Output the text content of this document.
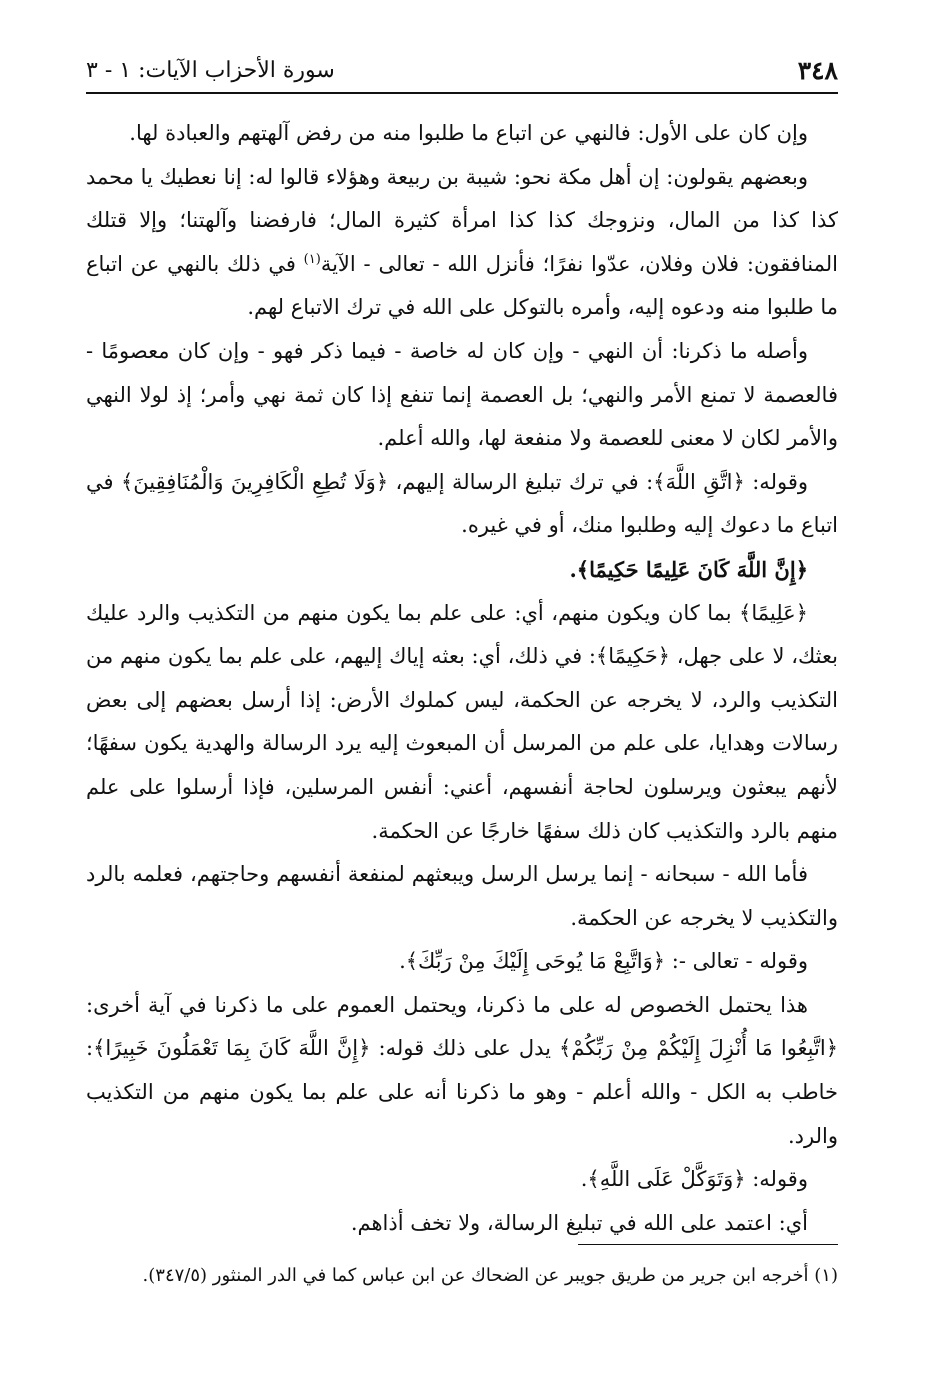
٣٤٨
سورة الأحزاب الآيات: ١ - ٣

وإن كان على الأول: فالنهي عن اتباع ما طلبوا منه من رفض آلهتهم والعبادة لها.

وبعضهم يقولون: إن أهل مكة نحو: شيبة بن ربيعة وهؤلاء قالوا له: إنا نعطيك يا محمد كذا كذا من المال، ونزوجك كذا كذا امرأة كثيرة المال؛ فارفضنا وآلهتنا؛ وإلا قتلك المنافقون: فلان وفلان، عدّوا نفرًا؛ فأنزل الله - تعالى - الآية$^{(١)}$ في ذلك بالنهي عن اتباع ما طلبوا منه ودعوه إليه، وأمره بالتوكل على الله في ترك الاتباع لهم.

وأصله ما ذكرنا: أن النهي - وإن كان له خاصة - فيما ذكر فهو - وإن كان معصومًا - فالعصمة لا تمنع الأمر والنهي؛ بل العصمة إنما تنفع إذا كان ثمة نهي وأمر؛ إذ لولا النهي والأمر لكان لا معنى للعصمة ولا منفعة لها، والله أعلم.

وقوله: ﴿اتَّقِ اللَّهَ﴾: في ترك تبليغ الرسالة إليهم، ﴿وَلَا تُطِعِ الْكَافِرِينَ وَالْمُنَافِقِينَ﴾ في اتباع ما دعوك إليه وطلبوا منك، أو في غيره.

﴿إِنَّ اللَّهَ كَانَ عَلِيمًا حَكِيمًا﴾.

﴿عَلِيمًا﴾ بما كان ويكون منهم، أي: على علم بما يكون منهم من التكذيب والرد عليك بعثك، لا على جهل، ﴿حَكِيمًا﴾: في ذلك، أي: بعثه إياك إليهم، على علم بما يكون منهم من التكذيب والرد، لا يخرجه عن الحكمة، ليس كملوك الأرض: إذا أرسل بعضهم إلى بعض رسالات وهدايا، على علم من المرسل أن المبعوث إليه يرد الرسالة والهدية يكون سفهًا؛ لأنهم يبعثون ويرسلون لحاجة أنفسهم، أعني: أنفس المرسلين، فإذا أرسلوا على علم منهم بالرد والتكذيب كان ذلك سفهًا خارجًا عن الحكمة.

فأما الله - سبحانه - إنما يرسل الرسل ويبعثهم لمنفعة أنفسهم وحاجتهم، فعلمه بالرد والتكذيب لا يخرجه عن الحكمة.

وقوله - تعالى -: ﴿وَاتَّبِعْ مَا يُوحَى إِلَيْكَ مِنْ رَبِّكَ﴾.

هذا يحتمل الخصوص له على ما ذكرنا، ويحتمل العموم على ما ذكرنا في آية أخرى: ﴿اتَّبِعُوا مَا أُنْزِلَ إِلَيْكُمْ مِنْ رَبِّكُمْ﴾ يدل على ذلك قوله: ﴿إِنَّ اللَّهَ كَانَ بِمَا تَعْمَلُونَ خَبِيرًا﴾: خاطب به الكل - والله أعلم - وهو ما ذكرنا أنه على علم بما يكون منهم من التكذيب والرد.

وقوله: ﴿وَتَوَكَّلْ عَلَى اللَّهِ﴾.

أي: اعتمد على الله في تبليغ الرسالة، ولا تخف أذاهم.

(١) أخرجه ابن جرير من طريق جويبر عن الضحاك عن ابن عباس كما في الدر المنثور (٣٤٧/٥).
